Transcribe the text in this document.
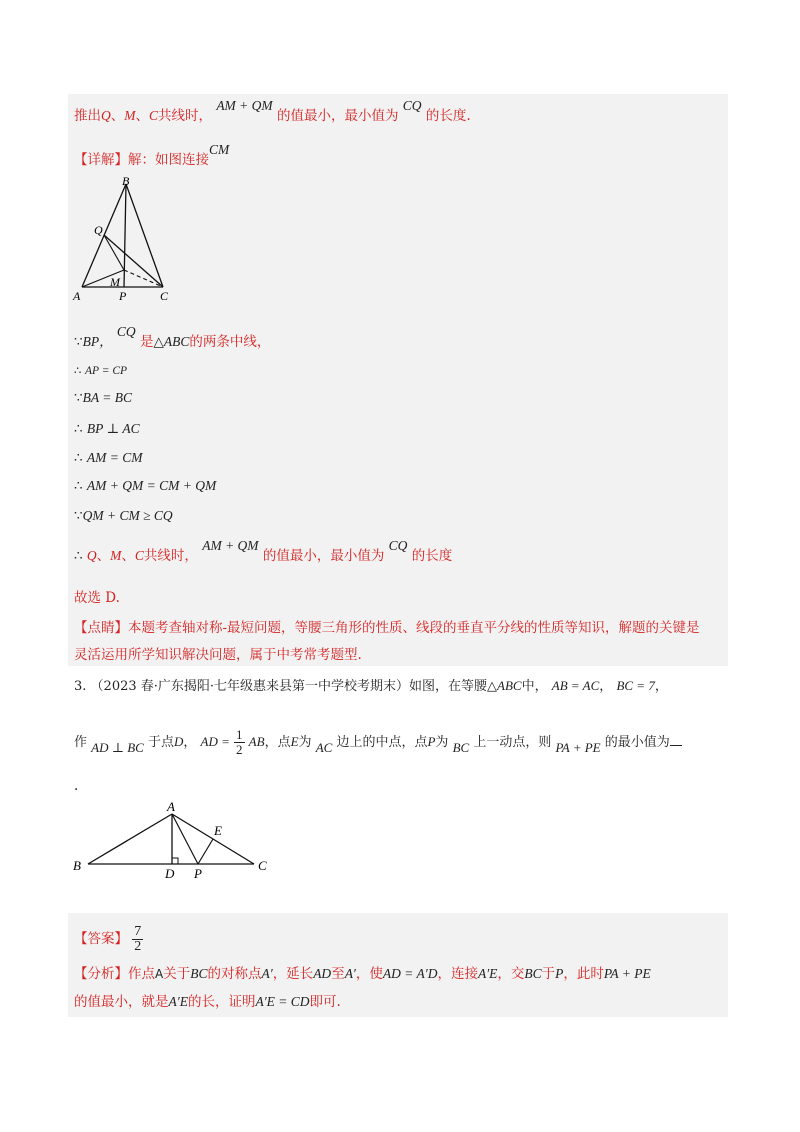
推出Q、M、C共线时， AM + QM 的值最小，最小值为 CQ 的长度.
【详解】解：如图连接CM
B
Q
M
A	P	C
∵BP， CQ 是△ABC的两条中线，
∴ AP = CP
∵BA = BC
∴ BP ⊥ AC
∴ AM = CM
∴ AM + QM = CM + QM
∵QM + CM ≥ CQ
∴ Q、M、C共线时， AM + QM 的值最小，最小值为 CQ 的长度
故选 D.
【点睛】本题考查轴对称-最短问题，等腰三角形的性质、线段的垂直平分线的性质等知识，解题的关键是
灵活运用所学知识解决问题，属于中考常考题型.
3. （2023 春·广东揭阳·七年级惠来县第一中学校考期末）如图，在等腰△ABC中， AB = AC， BC = 7，
作 AD ⊥ BC 于点D， AD = $\frac{1}{2}$ AB，点E为 AC 边上的中点，点P为 BC 上一动点，则 PA + PE 的最小值为
.
A
E
B
D P
C
【答案】 $\frac{7}{2}$
【分析】作点A关于BC的对称点A′，延长AD至A′，使AD = A′D，连接A′E，交BC于P，此时PA + PE
的值最小，就是A′E的长，证明A′E = CD即可.
